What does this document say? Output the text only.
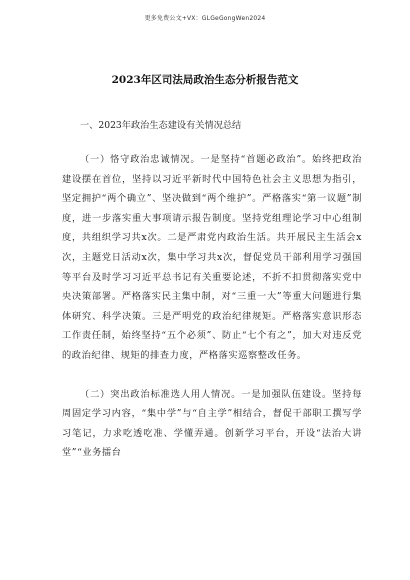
更多免费公文+VX：GLGeGongWen2024
2023年区司法局政治生态分析报告范文
一、2023年政治生态建设有关情况总结

（一）恪守政治忠诚情况。一是坚持“首题必政治”。始终把政治建设摆在首位，坚持以习近平新时代中国特色社会主义思想为指引，坚定拥护“两个确立”、坚决做到“两个维护”。严格落实“第一议题”制度，进一步落实重大事项请示报告制度。坚持党组理论学习中心组制度，共组织学习共x次。二是严肃党内政治生活。共开展民主生活会x次，主题党日活动x次，集中学习共x次，督促党员干部利用学习强国等平台及时学习习近平总书记有关重要论述，不折不扣贯彻落实党中央决策部署。严格落实民主集中制，对“三重一大”等重大问题进行集体研究、科学决策。三是严明党的政治纪律规矩。严格落实意识形态工作责任制，始终坚持“五个必须”、防止“七个有之”，加大对违反党的政治纪律、规矩的排查力度，严格落实巡察整改任务。

（二）突出政治标准选人用人情况。一是加强队伍建设。坚持每周固定学习内容，“集中学”与“自主学”相结合，督促干部职工撰写学习笔记，力求吃透吃准、学懂弄通。创新学习平台，开设“法治大讲堂”“业务擂台
